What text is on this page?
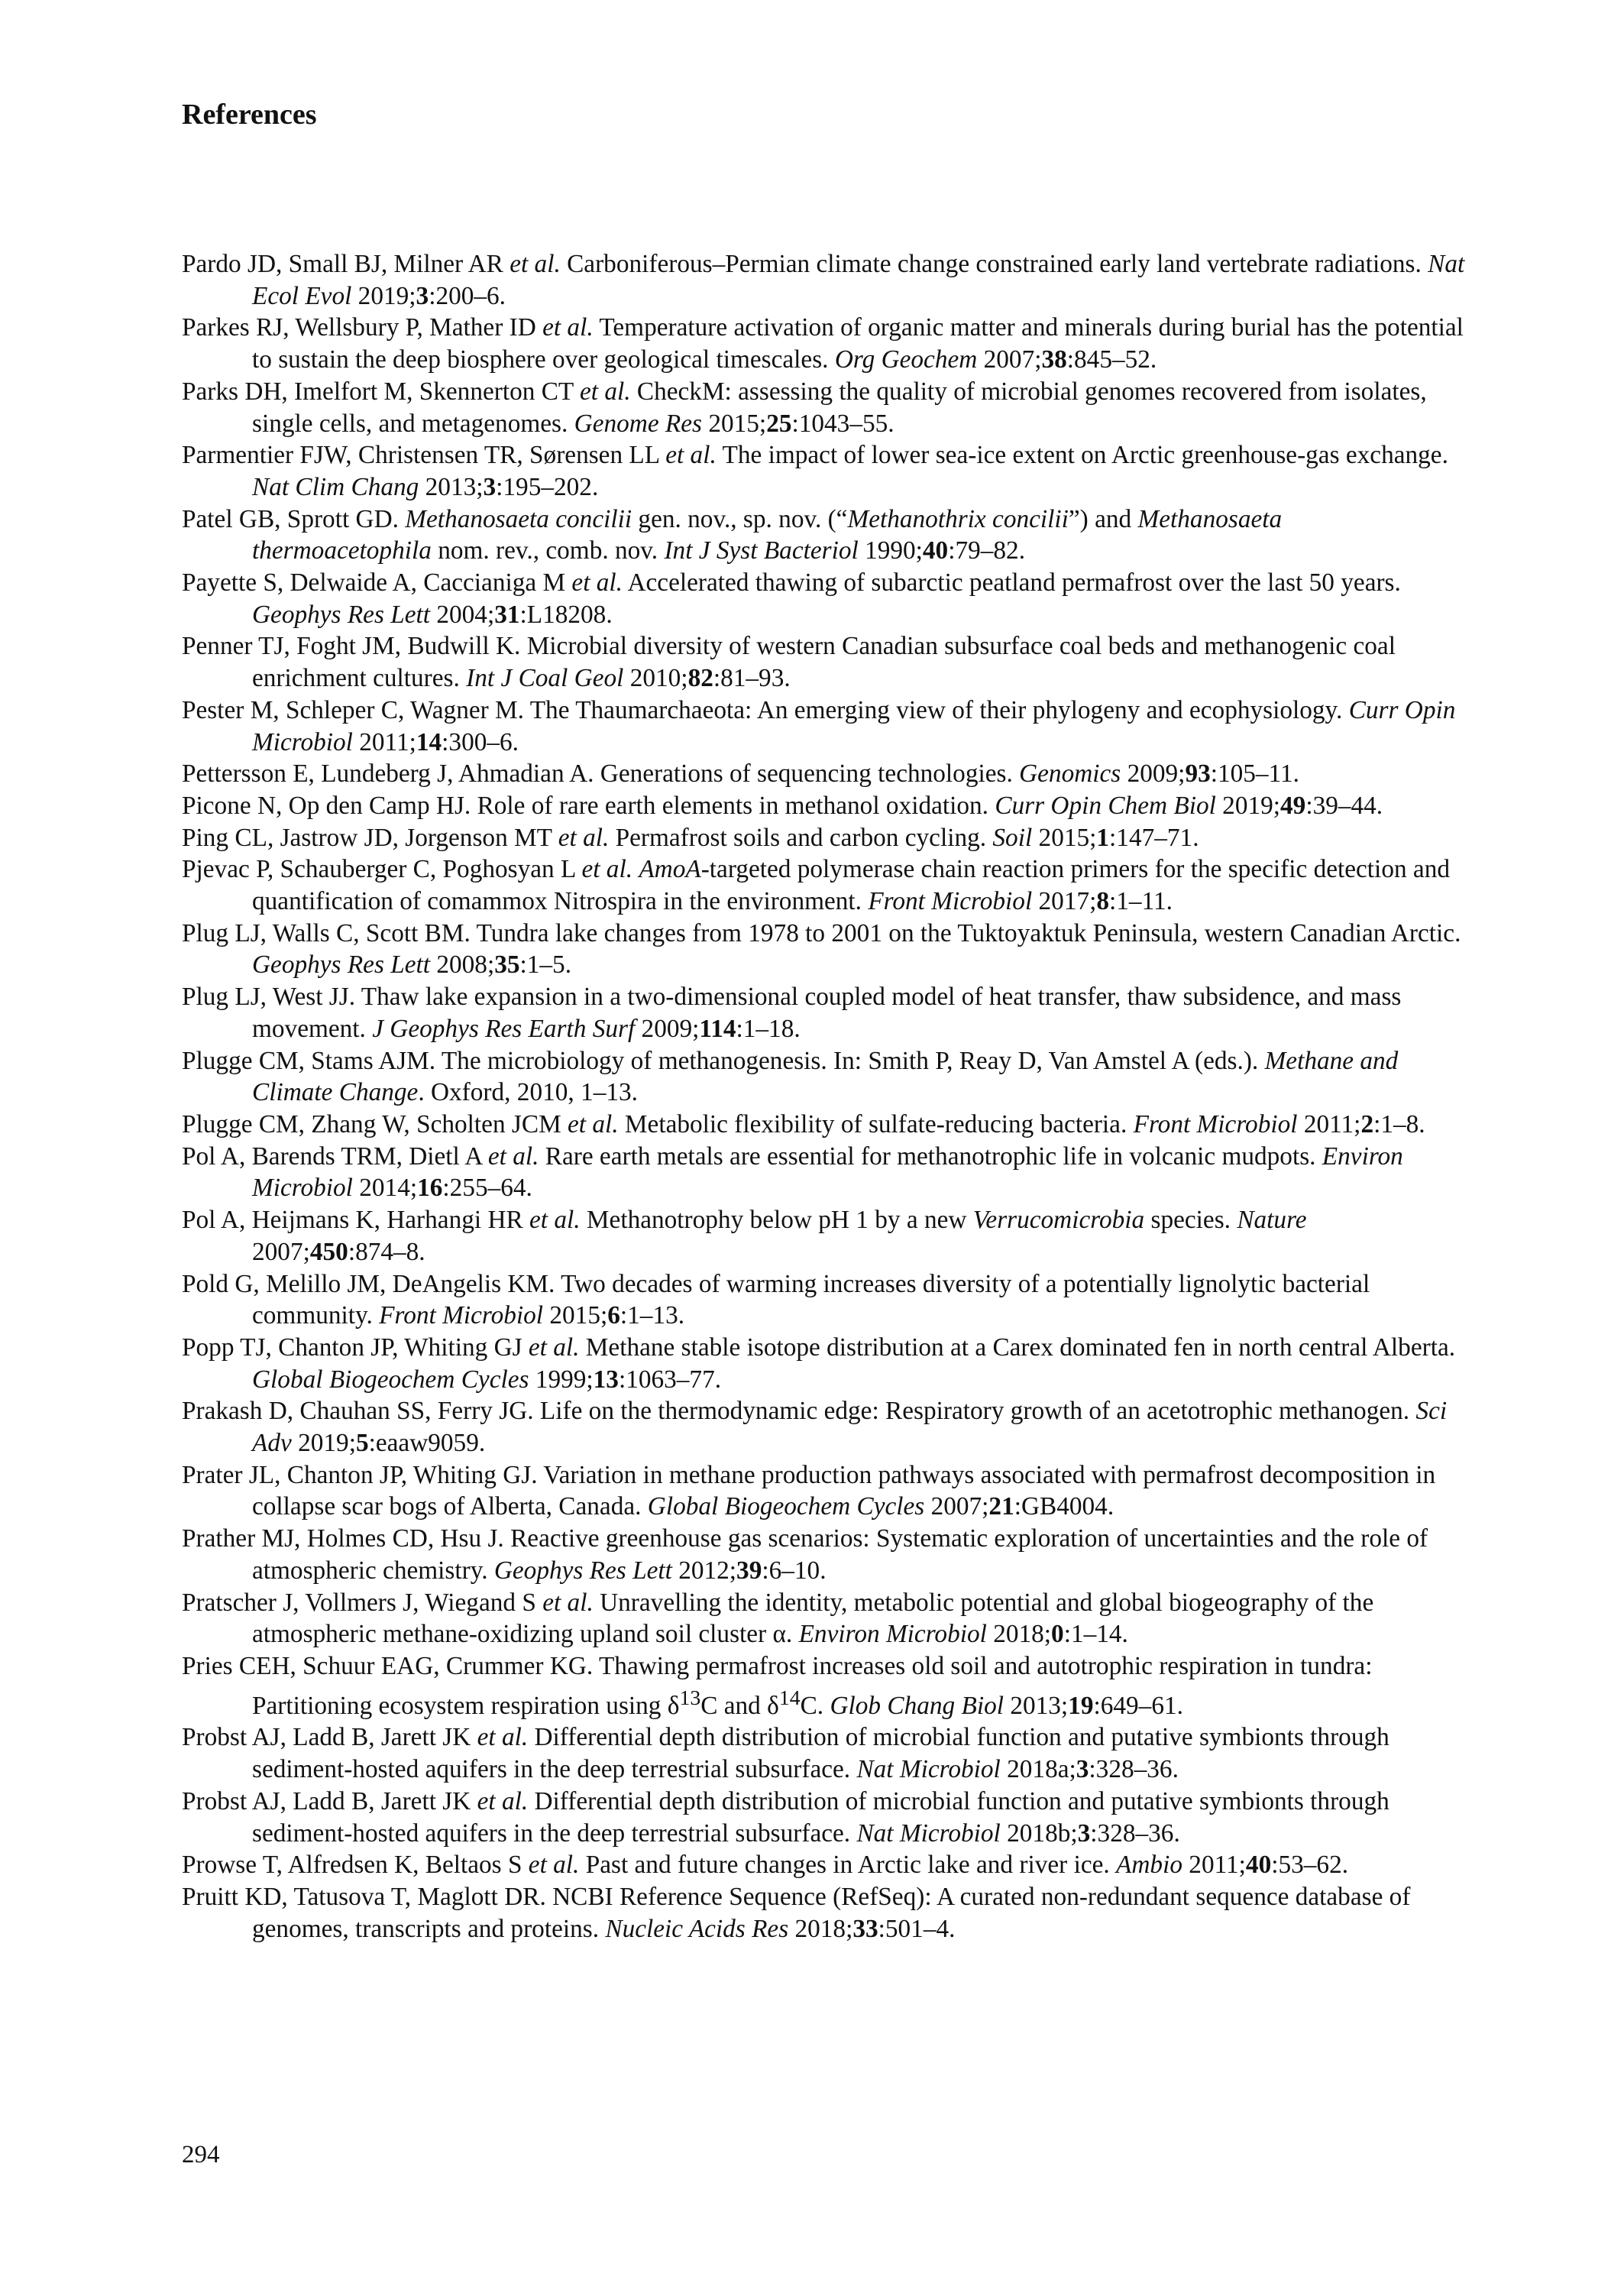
References
Pardo JD, Small BJ, Milner AR et al. Carboniferous–Permian climate change constrained early land vertebrate radiations. Nat Ecol Evol 2019;3:200–6.
Parkes RJ, Wellsbury P, Mather ID et al. Temperature activation of organic matter and minerals during burial has the potential to sustain the deep biosphere over geological timescales. Org Geochem 2007;38:845–52.
Parks DH, Imelfort M, Skennerton CT et al. CheckM: assessing the quality of microbial genomes recovered from isolates, single cells, and metagenomes. Genome Res 2015;25:1043–55.
Parmentier FJW, Christensen TR, Sørensen LL et al. The impact of lower sea-ice extent on Arctic greenhouse-gas exchange. Nat Clim Chang 2013;3:195–202.
Patel GB, Sprott GD. Methanosaeta concilii gen. nov., sp. nov. (“Methanothrix concilii”) and Methanosaeta thermoacetophila nom. rev., comb. nov. Int J Syst Bacteriol 1990;40:79–82.
Payette S, Delwaide A, Caccianiga M et al. Accelerated thawing of subarctic peatland permafrost over the last 50 years. Geophys Res Lett 2004;31:L18208.
Penner TJ, Foght JM, Budwill K. Microbial diversity of western Canadian subsurface coal beds and methanogenic coal enrichment cultures. Int J Coal Geol 2010;82:81–93.
Pester M, Schleper C, Wagner M. The Thaumarchaeota: An emerging view of their phylogeny and ecophysiology. Curr Opin Microbiol 2011;14:300–6.
Pettersson E, Lundeberg J, Ahmadian A. Generations of sequencing technologies. Genomics 2009;93:105–11.
Picone N, Op den Camp HJ. Role of rare earth elements in methanol oxidation. Curr Opin Chem Biol 2019;49:39–44.
Ping CL, Jastrow JD, Jorgenson MT et al. Permafrost soils and carbon cycling. Soil 2015;1:147–71.
Pjevac P, Schauberger C, Poghosyan L et al. AmoA-targeted polymerase chain reaction primers for the specific detection and quantification of comammox Nitrospira in the environment. Front Microbiol 2017;8:1–11.
Plug LJ, Walls C, Scott BM. Tundra lake changes from 1978 to 2001 on the Tuktoyaktuk Peninsula, western Canadian Arctic. Geophys Res Lett 2008;35:1–5.
Plug LJ, West JJ. Thaw lake expansion in a two-dimensional coupled model of heat transfer, thaw subsidence, and mass movement. J Geophys Res Earth Surf 2009;114:1–18.
Plugge CM, Stams AJM. The microbiology of methanogenesis. In: Smith P, Reay D, Van Amstel A (eds.). Methane and Climate Change. Oxford, 2010, 1–13.
Plugge CM, Zhang W, Scholten JCM et al. Metabolic flexibility of sulfate-reducing bacteria. Front Microbiol 2011;2:1–8.
Pol A, Barends TRM, Dietl A et al. Rare earth metals are essential for methanotrophic life in volcanic mudpots. Environ Microbiol 2014;16:255–64.
Pol A, Heijmans K, Harhangi HR et al. Methanotrophy below pH 1 by a new Verrucomicrobia species. Nature 2007;450:874–8.
Pold G, Melillo JM, DeAngelis KM. Two decades of warming increases diversity of a potentially lignolytic bacterial community. Front Microbiol 2015;6:1–13.
Popp TJ, Chanton JP, Whiting GJ et al. Methane stable isotope distribution at a Carex dominated fen in north central Alberta. Global Biogeochem Cycles 1999;13:1063–77.
Prakash D, Chauhan SS, Ferry JG. Life on the thermodynamic edge: Respiratory growth of an acetotrophic methanogen. Sci Adv 2019;5:eaaw9059.
Prater JL, Chanton JP, Whiting GJ. Variation in methane production pathways associated with permafrost decomposition in collapse scar bogs of Alberta, Canada. Global Biogeochem Cycles 2007;21:GB4004.
Prather MJ, Holmes CD, Hsu J. Reactive greenhouse gas scenarios: Systematic exploration of uncertainties and the role of atmospheric chemistry. Geophys Res Lett 2012;39:6–10.
Pratscher J, Vollmers J, Wiegand S et al. Unravelling the identity, metabolic potential and global biogeography of the atmospheric methane-oxidizing upland soil cluster α. Environ Microbiol 2018;0:1–14.
Pries CEH, Schuur EAG, Crummer KG. Thawing permafrost increases old soil and autotrophic respiration in tundra: Partitioning ecosystem respiration using $\delta^{13}C$ and $\delta^{14}C$. Glob Chang Biol 2013;19:649–61.
Probst AJ, Ladd B, Jarett JK et al. Differential depth distribution of microbial function and putative symbionts through sediment-hosted aquifers in the deep terrestrial subsurface. Nat Microbiol 2018a;3:328–36.
Probst AJ, Ladd B, Jarett JK et al. Differential depth distribution of microbial function and putative symbionts through sediment-hosted aquifers in the deep terrestrial subsurface. Nat Microbiol 2018b;3:328–36.
Prowse T, Alfredsen K, Beltaos S et al. Past and future changes in Arctic lake and river ice. Ambio 2011;40:53–62.
Pruitt KD, Tatusova T, Maglott DR. NCBI Reference Sequence (RefSeq): A curated non-redundant sequence database of genomes, transcripts and proteins. Nucleic Acids Res 2018;33:501–4.
294
